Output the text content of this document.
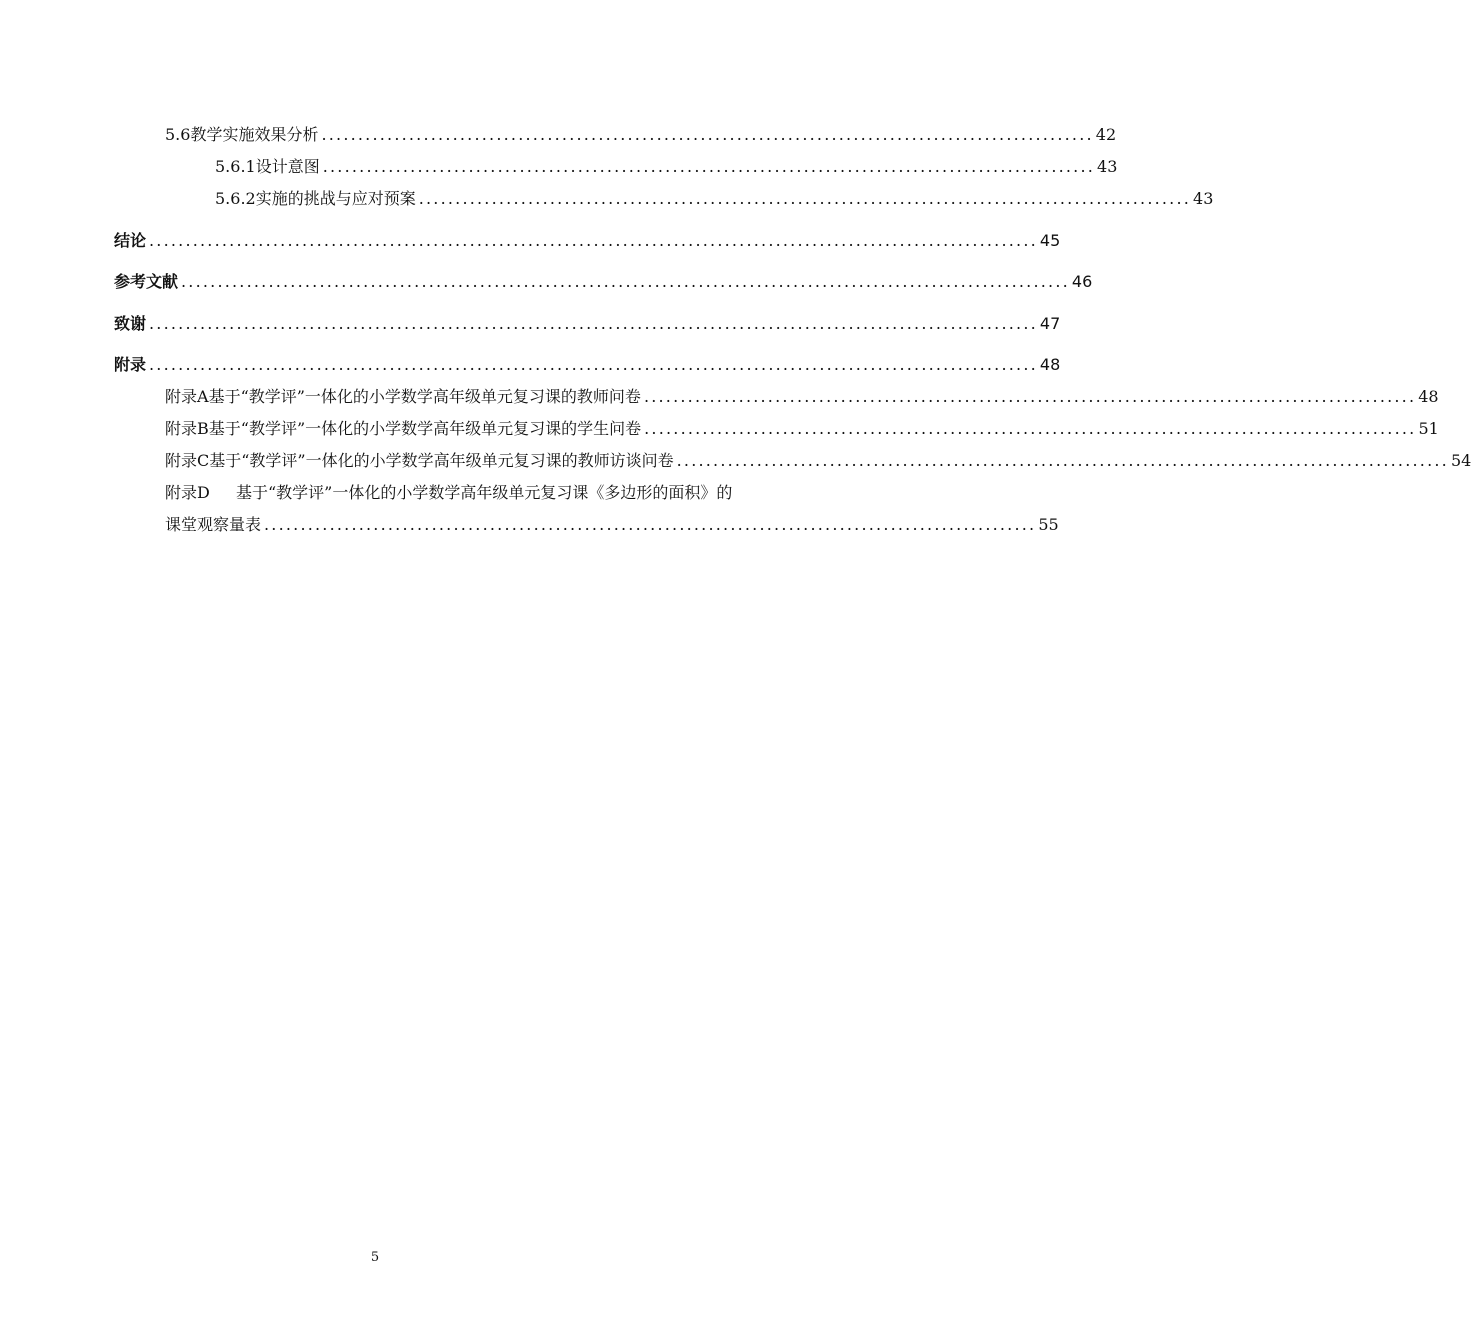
5.6 教学实施效果分析 .......................................................................................................... 42
5.6.1 设计意图 .......................................................................................................... 43
5.6.2 实施的挑战与应对预案 .......................................................................................................... 43
结论 .......................................................................................................................... 45
参考文献 .......................................................................................................................... 46
致谢 .......................................................................................................................... 47
附录 .......................................................................................................................... 48
附录A 基于“教学评”一体化的小学数学高年级单元复习课的教师问卷 .......................................................................................................... 48
附录B 基于“教学评”一体化的小学数学高年级单元复习课的学生问卷 .......................................................................................................... 51
附录C 基于“教学评”一体化的小学数学高年级单元复习课的教师访谈问卷 .......................................................................................................... 54
附录D 基于“教学评”一体化的小学数学高年级单元复习课《多边形的面积》的
课堂观察量表 .......................................................................................................... 55
5
